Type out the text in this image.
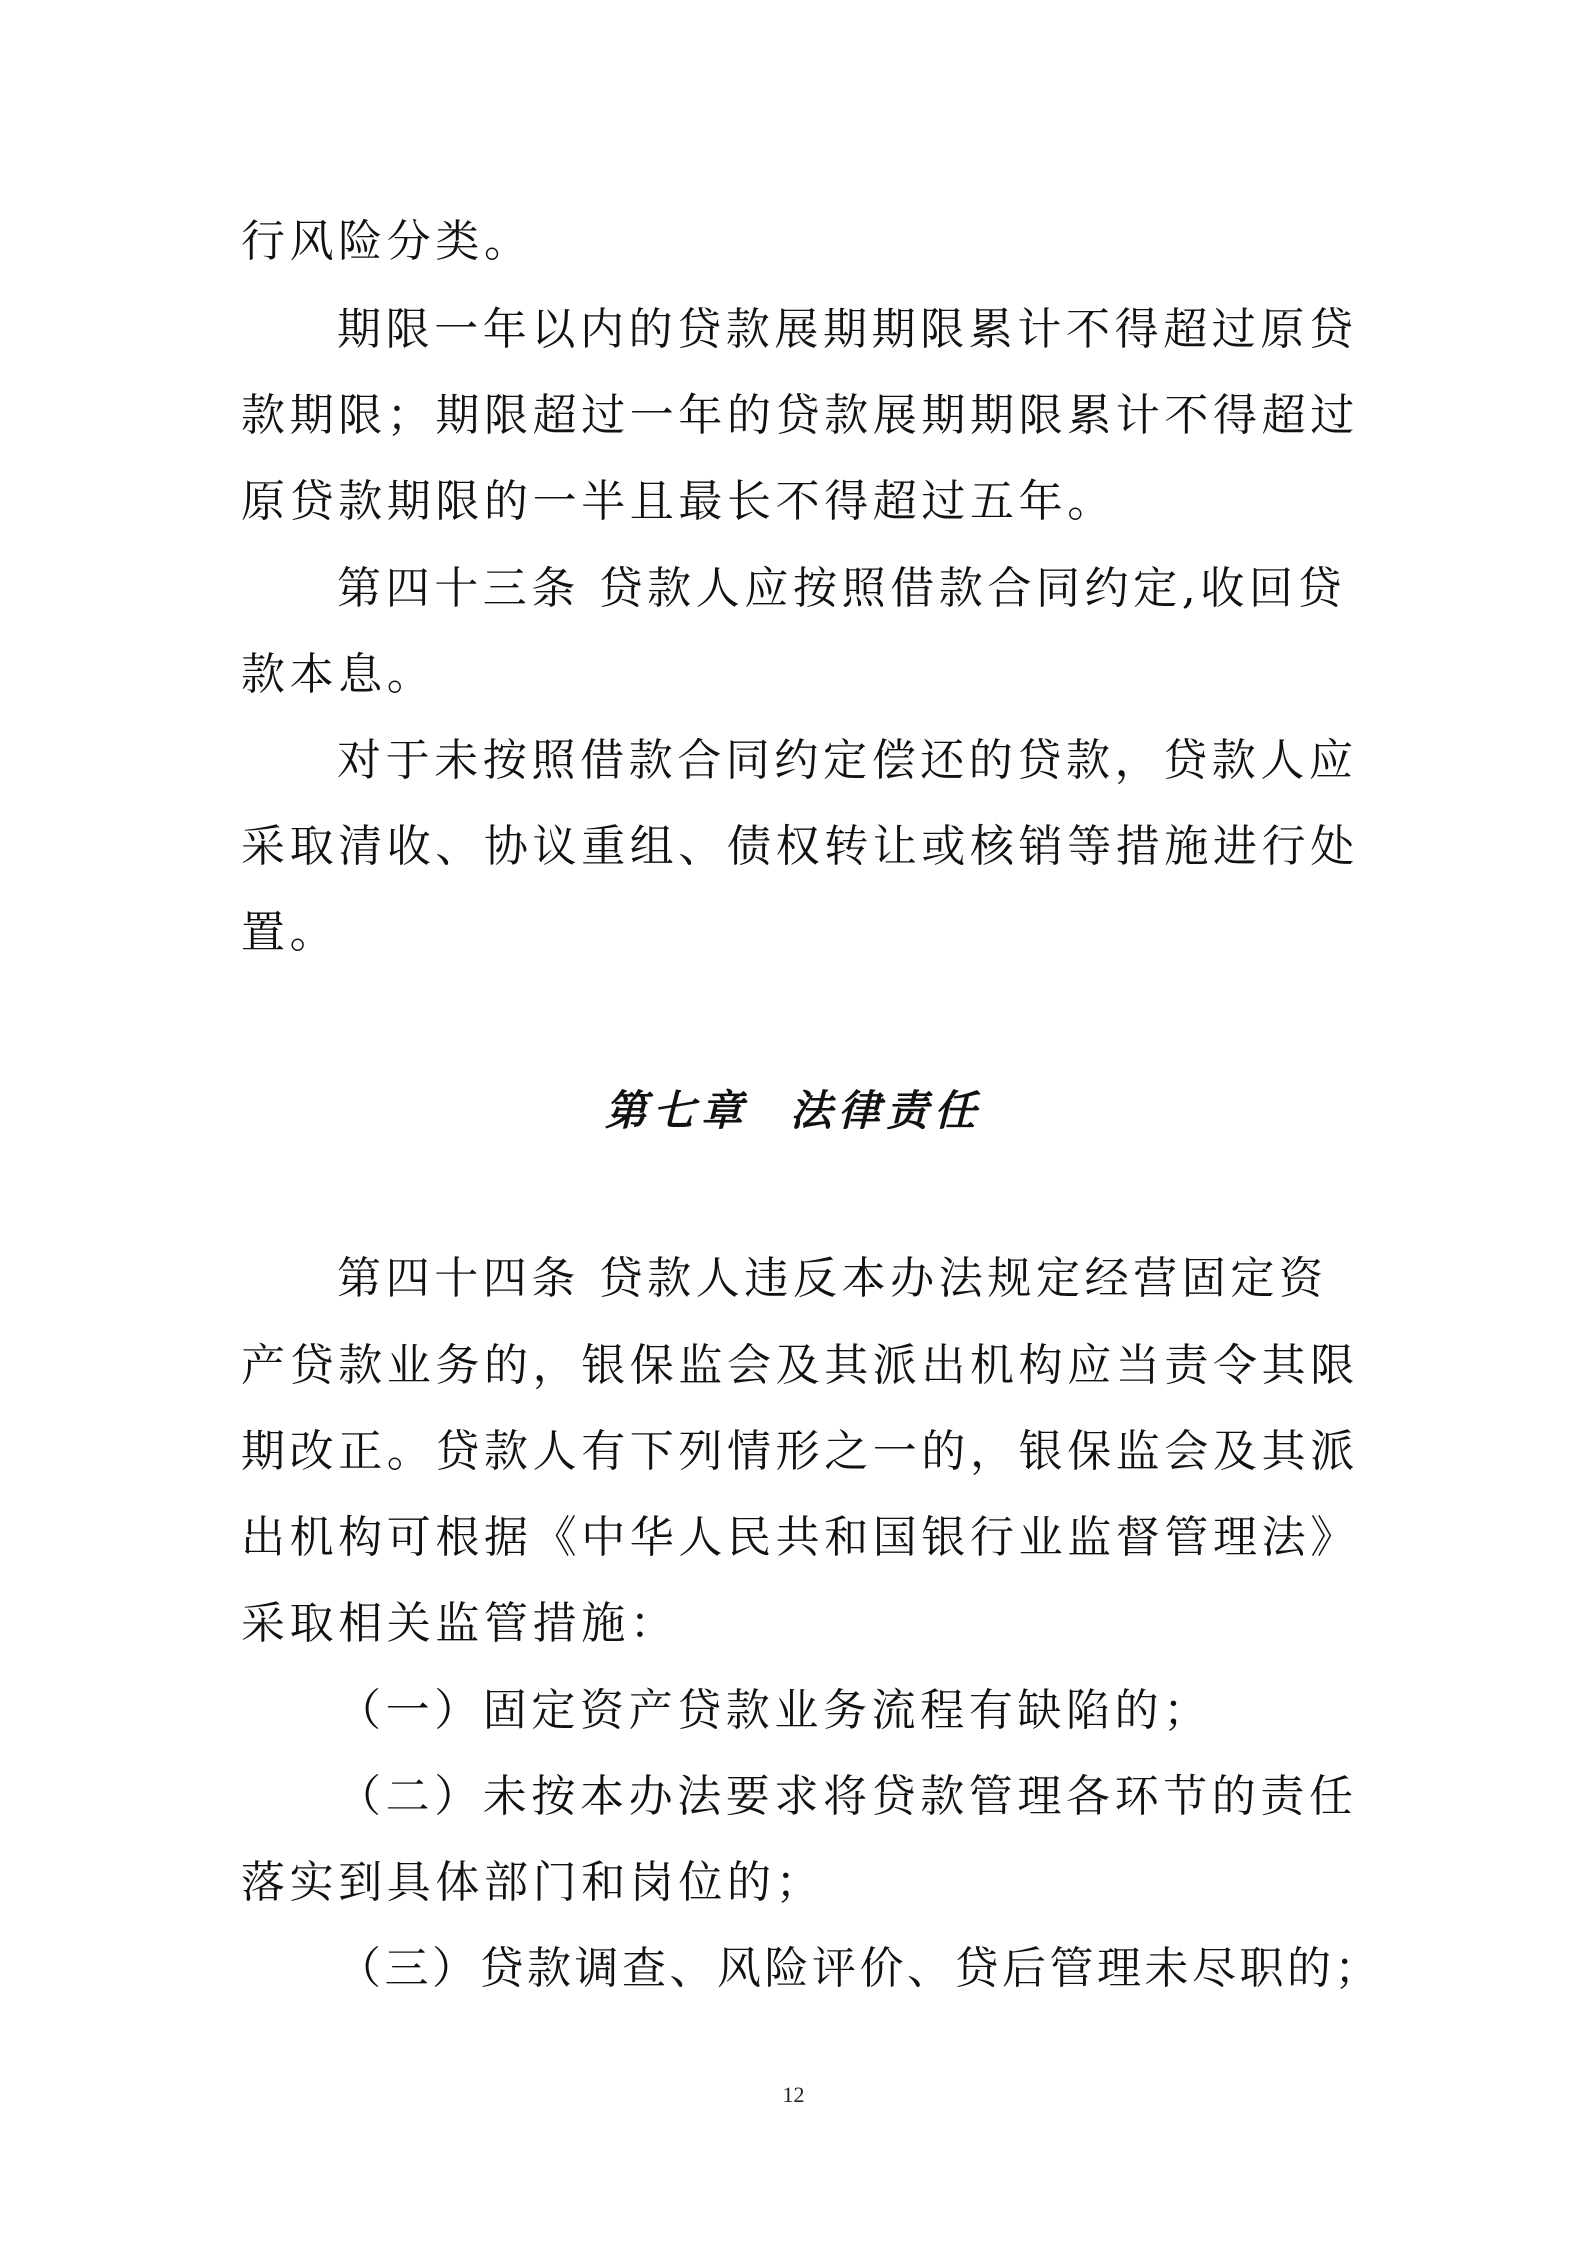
行风险分类。
期限一年以内的贷款展期期限累计不得超过原贷
款期限；期限超过一年的贷款展期期限累计不得超过
原贷款期限的一半且最长不得超过五年。
第四十三条 贷款人应按照借款合同约定,收回贷
款本息。
对于未按照借款合同约定偿还的贷款，贷款人应
采取清收、协议重组、债权转让或核销等措施进行处
置。
第七章  法律责任
第四十四条 贷款人违反本办法规定经营固定资
产贷款业务的，银保监会及其派出机构应当责令其限
期改正。贷款人有下列情形之一的，银保监会及其派
出机构可根据《中华人民共和国银行业监督管理法》
采取相关监管措施：
（一）固定资产贷款业务流程有缺陷的；
（二）未按本办法要求将贷款管理各环节的责任
落实到具体部门和岗位的；
（三）贷款调查、风险评价、贷后管理未尽职的；
12
